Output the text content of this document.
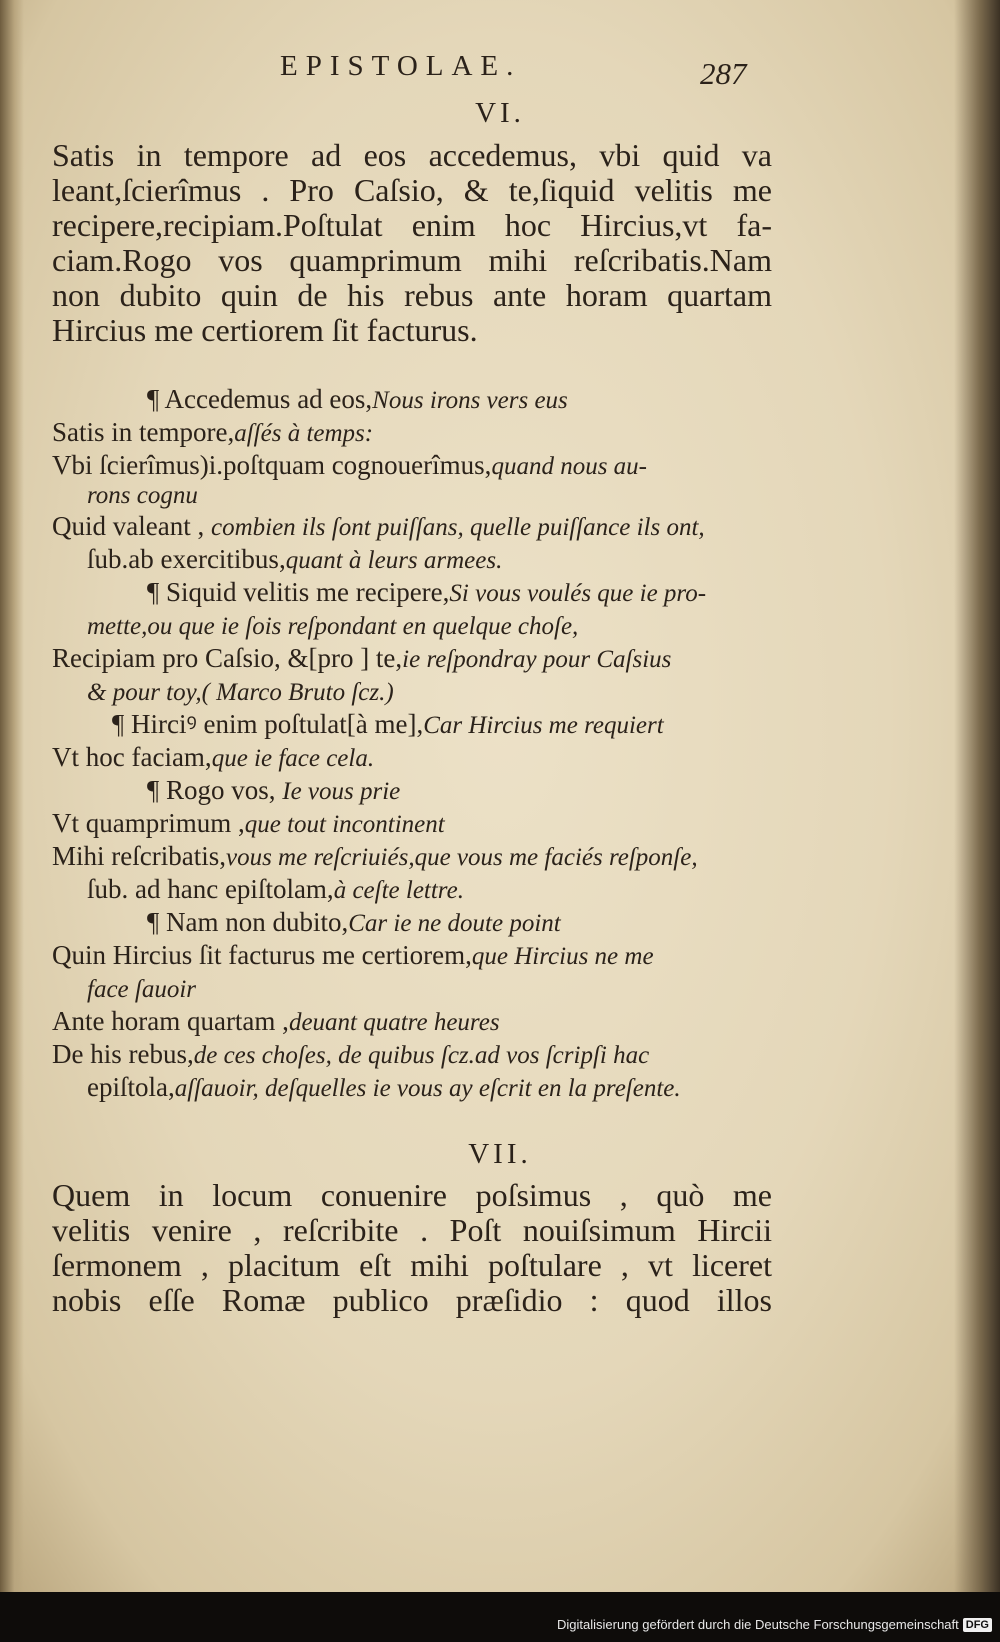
EPISTOLAE.	287
VI.
Satis in tempore ad eos accedemus, vbi quid va
leant,ſcierîmus . Pro Caſsio, & te,ſiquid velitis me
recipere,recipiam.Poſtulat enim hoc Hircius,vt fa-
ciam.Rogo vos quamprimum mihi reſcribatis.Nam
non dubito quin de his rebus ante horam quartam
Hircius me certiorem ſit facturus.
¶ Accedemus ad eos,Nous irons vers eus
Satis in tempore,aſſés à temps:
Vbi ſcierîmus)i.poſtquam cognouerîmus,quand nous au-
rons cognu
Quid valeant , combien ils ſont puiſſans, quelle puiſſance ils ont,
ſub.ab exercitibus,quant à leurs armees.
¶ Siquid velitis me recipere,Si vous voulés que ie pro-
mette,ou que ie ſois reſpondant en quelque choſe,
Recipiam pro Caſsio, &[pro ] te,ie reſpondray pour Caſsius
& pour toy,( Marco Bruto ſcz.)
¶ Hirciꝰ enim poſtulat[à me],Car Hircius me requiert
Vt hoc faciam,que ie face cela.
¶ Rogo vos, Ie vous prie
Vt quamprimum ,que tout incontinent
Mihi reſcribatis,vous me reſcriuiés,que vous me faciés reſponſe,
ſub. ad hanc epiſtolam,à ceſte lettre.
¶ Nam non dubito,Car ie ne doute point
Quin Hircius ſit facturus me certiorem,que Hircius ne me
face ſauoir
Ante horam quartam ,deuant quatre heures
De his rebus,de ces choſes, de quibus ſcz.ad vos ſcripſi hac
epiſtola,aſſauoir, deſquelles ie vous ay eſcrit en la preſente.
VII.
Quem in locum conuenire poſsimus , quò me
velitis venire , reſcribite . Poſt nouiſsimum Hircii
ſermonem , placitum eſt mihi poſtulare , vt liceret
nobis eſſe Romæ publico præſidio : quod illos
Digitalisierung gefördert durch die Deutsche Forschungsgemeinschaft DFG
